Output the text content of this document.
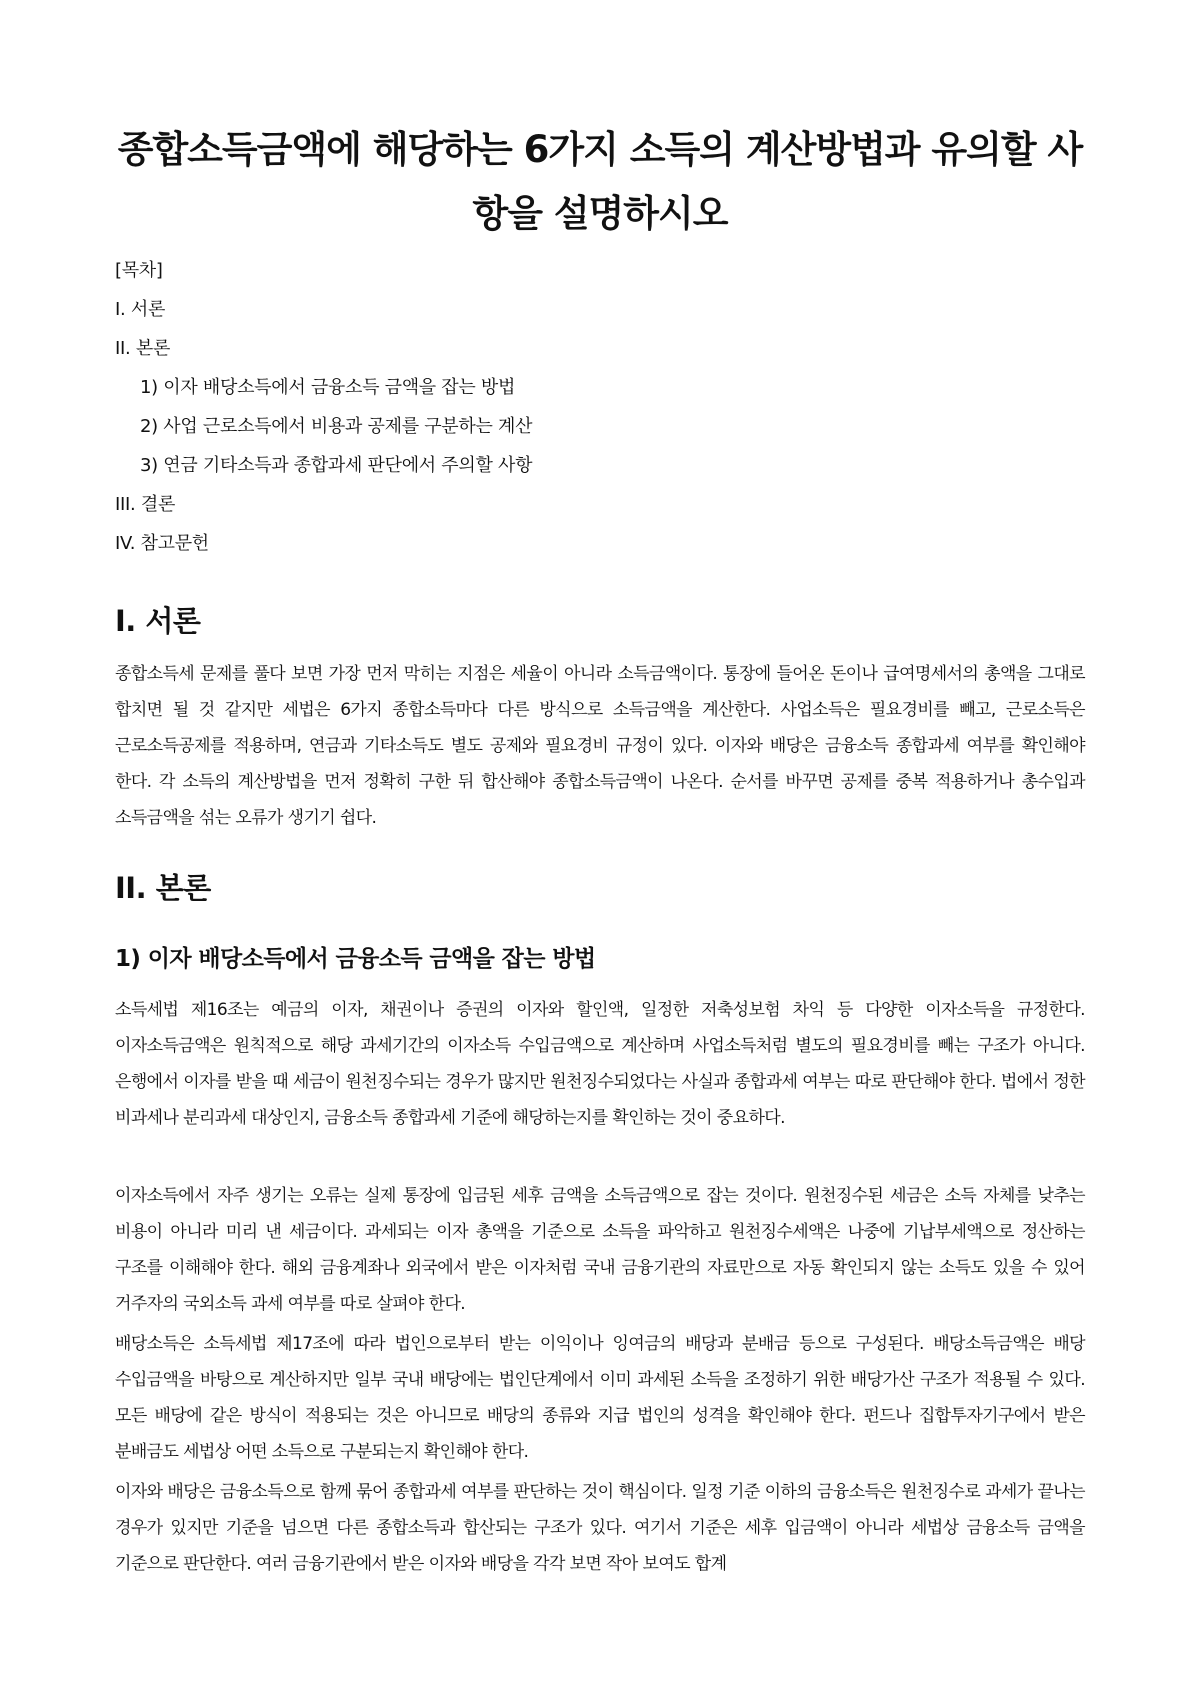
종합소득금액에 해당하는 6가지 소득의 계산방법과 유의할 사항을 설명하시오
[목차]
I. 서론
II. 본론
1) 이자 배당소득에서 금융소득 금액을 잡는 방법
2) 사업 근로소득에서 비용과 공제를 구분하는 계산
3) 연금 기타소득과 종합과세 판단에서 주의할 사항
III. 결론
IV. 참고문헌
I. 서론

종합소득세 문제를 풀다 보면 가장 먼저 막히는 지점은 세율이 아니라 소득금액이다. 통장에 들어온 돈이나 급여명세서의 총액을 그대로 합치면 될 것 같지만 세법은 6가지 종합소득마다 다른 방식으로 소득금액을 계산한다. 사업소득은 필요경비를 빼고, 근로소득은 근로소득공제를 적용하며, 연금과 기타소득도 별도 공제와 필요경비 규정이 있다. 이자와 배당은 금융소득 종합과세 여부를 확인해야 한다. 각 소득의 계산방법을 먼저 정확히 구한 뒤 합산해야 종합소득금액이 나온다. 순서를 바꾸면 공제를 중복 적용하거나 총수입과 소득금액을 섞는 오류가 생기기 쉽다.

II. 본론
1) 이자 배당소득에서 금융소득 금액을 잡는 방법

소득세법 제16조는 예금의 이자, 채권이나 증권의 이자와 할인액, 일정한 저축성보험 차익 등 다양한 이자소득을 규정한다. 이자소득금액은 원칙적으로 해당 과세기간의 이자소득 수입금액으로 계산하며 사업소득처럼 별도의 필요경비를 빼는 구조가 아니다. 은행에서 이자를 받을 때 세금이 원천징수되는 경우가 많지만 원천징수되었다는 사실과 종합과세 여부는 따로 판단해야 한다. 법에서 정한 비과세나 분리과세 대상인지, 금융소득 종합과세 기준에 해당하는지를 확인하는 것이 중요하다.

이자소득에서 자주 생기는 오류는 실제 통장에 입금된 세후 금액을 소득금액으로 잡는 것이다. 원천징수된 세금은 소득 자체를 낮추는 비용이 아니라 미리 낸 세금이다. 과세되는 이자 총액을 기준으로 소득을 파악하고 원천징수세액은 나중에 기납부세액으로 정산하는 구조를 이해해야 한다. 해외 금융계좌나 외국에서 받은 이자처럼 국내 금융기관의 자료만으로 자동 확인되지 않는 소득도 있을 수 있어 거주자의 국외소득 과세 여부를 따로 살펴야 한다.

배당소득은 소득세법 제17조에 따라 법인으로부터 받는 이익이나 잉여금의 배당과 분배금 등으로 구성된다. 배당소득금액은 배당 수입금액을 바탕으로 계산하지만 일부 국내 배당에는 법인단계에서 이미 과세된 소득을 조정하기 위한 배당가산 구조가 적용될 수 있다. 모든 배당에 같은 방식이 적용되는 것은 아니므로 배당의 종류와 지급 법인의 성격을 확인해야 한다. 펀드나 집합투자기구에서 받은 분배금도 세법상 어떤 소득으로 구분되는지 확인해야 한다.

이자와 배당은 금융소득으로 함께 묶어 종합과세 여부를 판단하는 것이 핵심이다. 일정 기준 이하의 금융소득은 원천징수로 과세가 끝나는 경우가 있지만 기준을 넘으면 다른 종합소득과 합산되는 구조가 있다. 여기서 기준은 세후 입금액이 아니라 세법상 금융소득 금액을 기준으로 판단한다. 여러 금융기관에서 받은 이자와 배당을 각각 보면 작아 보여도 합계
